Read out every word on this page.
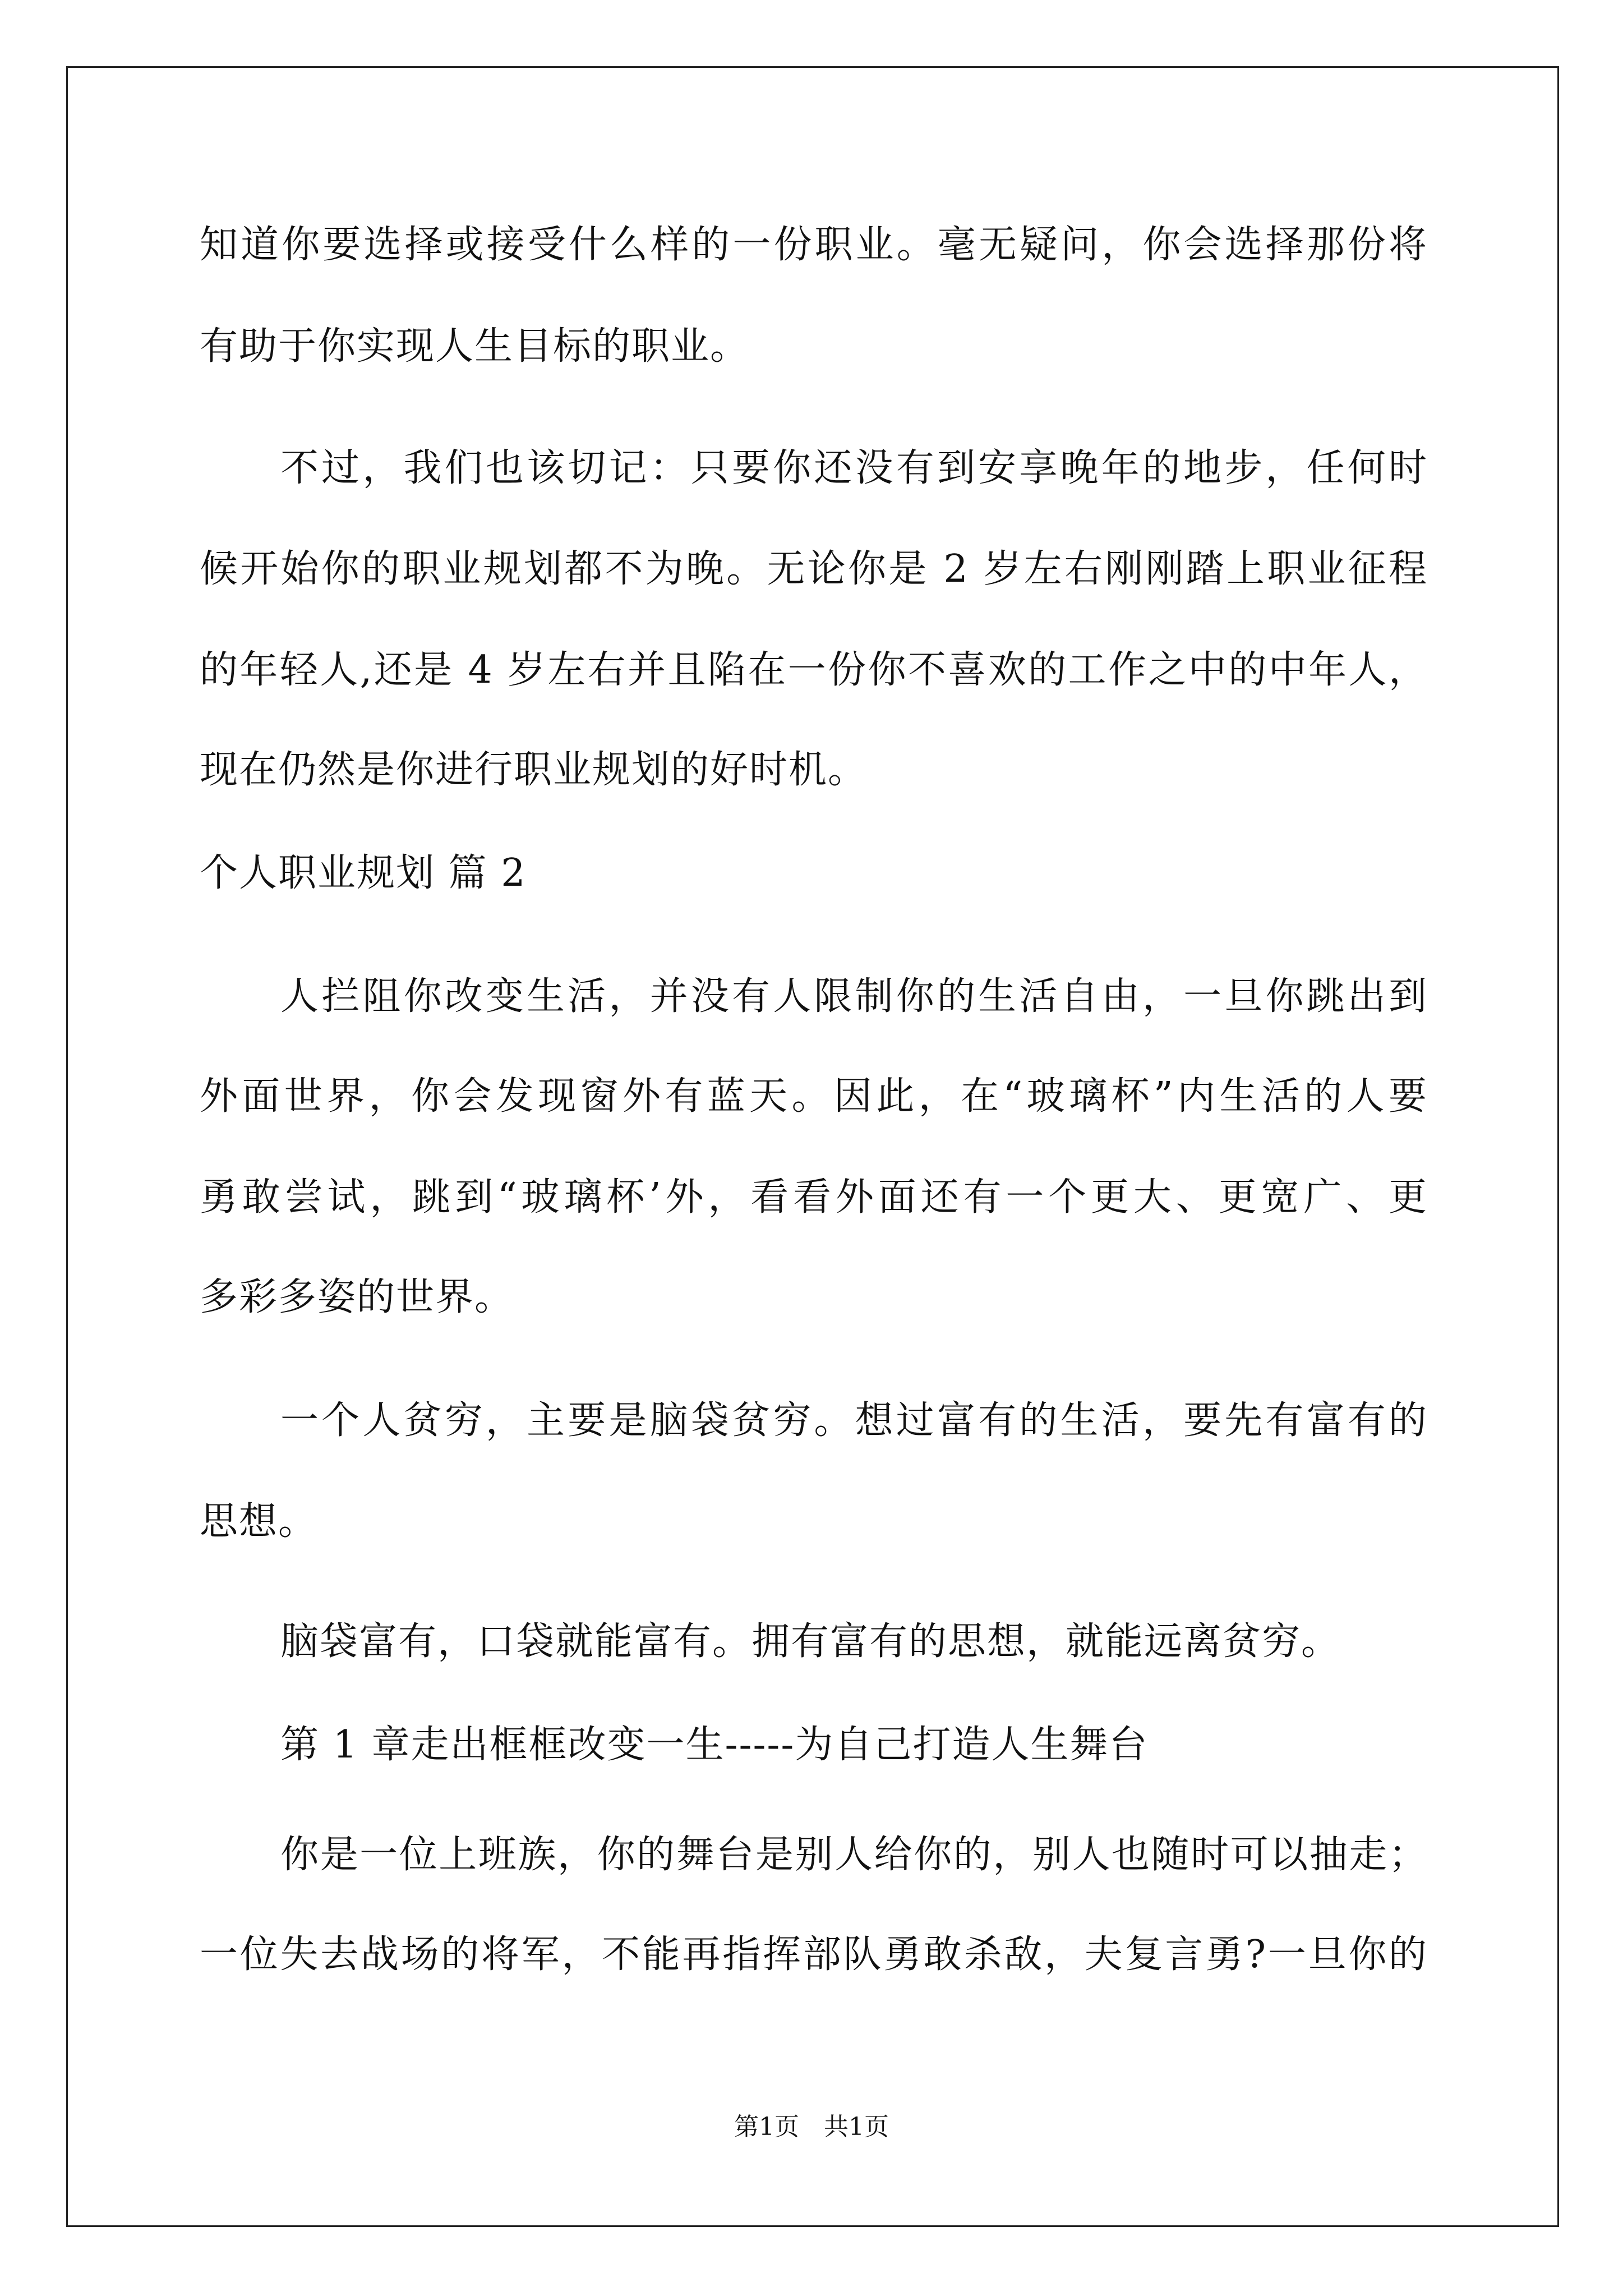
知道你要选择或接受什么样的一份职业。毫无疑问，你会选择那份将
有助于你实现人生目标的职业。
不过，我们也该切记：只要你还没有到安享晚年的地步，任何时
候开始你的职业规划都不为晚。无论你是 2 岁左右刚刚踏上职业征程
的年轻人,还是 4 岁左右并且陷在一份你不喜欢的工作之中的中年人，
现在仍然是你进行职业规划的好时机。
个人职业规划 篇 2
人拦阻你改变生活，并没有人限制你的生活自由，一旦你跳出到
外面世界，你会发现窗外有蓝天。因此，在“玻璃杯”内生活的人要
勇敢尝试，跳到“玻璃杯’外，看看外面还有一个更大、更宽广、更
多彩多姿的世界。
一个人贫穷，主要是脑袋贫穷。想过富有的生活，要先有富有的
思想。
脑袋富有，口袋就能富有。拥有富有的思想，就能远离贫穷。
第 1 章走出框框改变一生-----为自己打造人生舞台
你是一位上班族，你的舞台是别人给你的，别人也随时可以抽走；
一位失去战场的将军，不能再指挥部队勇敢杀敌，夫复言勇?一旦你的
第1页　共1页
